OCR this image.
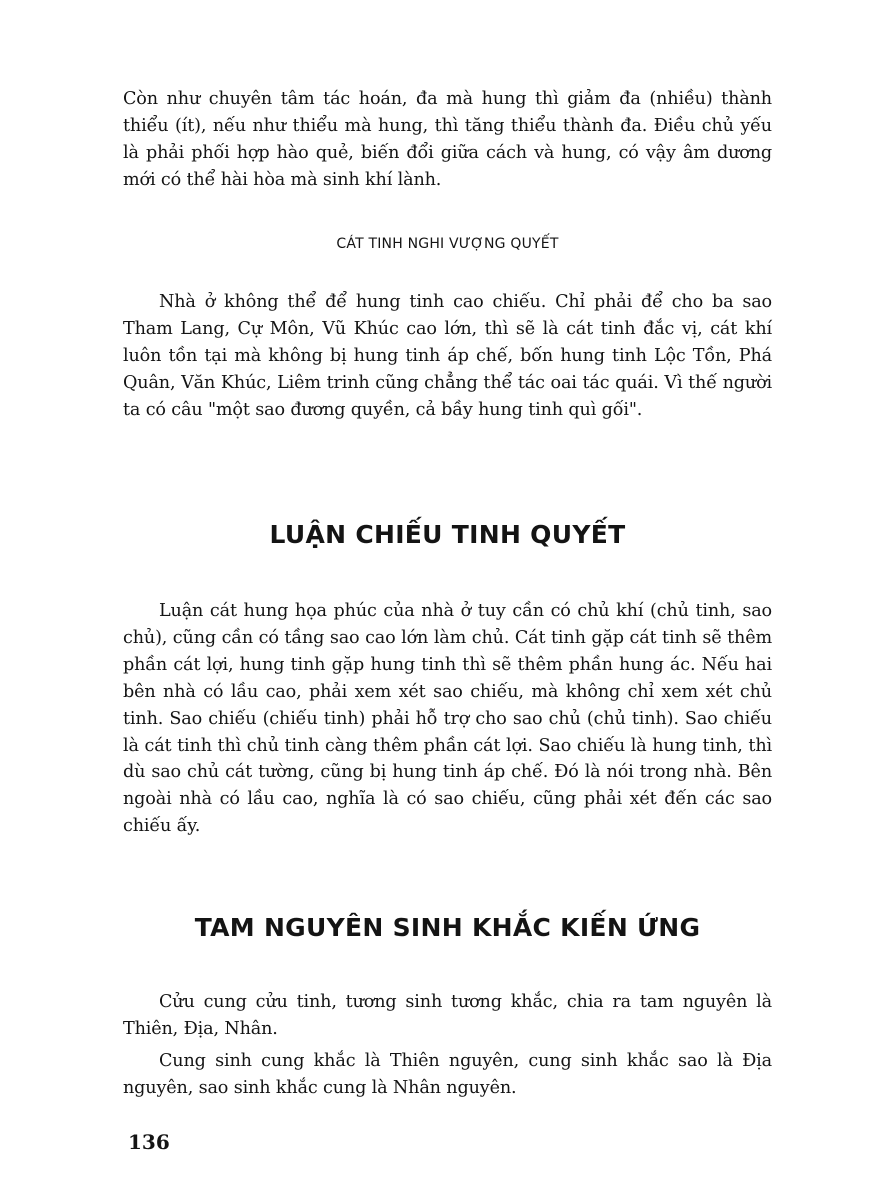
Còn như chuyên tâm tác hoán, đa mà hung thì giảm đa (nhiều) thành thiểu (ít), nếu như thiểu mà hung, thì tăng thiểu thành đa. Điều chủ yếu là phải phối hợp hào quẻ, biến đổi giữa cách và hung, có vậy âm dương mới có thể hài hòa mà sinh khí lành.

CÁT TINH NGHI VƯỢNG QUYẾT

Nhà ở không thể để hung tinh cao chiếu. Chỉ phải để cho ba sao Tham Lang, Cự Môn, Vũ Khúc cao lớn, thì sẽ là cát tinh đắc vị, cát khí luôn tồn tại mà không bị hung tinh áp chế, bốn hung tinh Lộc Tồn, Phá Quân, Văn Khúc, Liêm trinh cũng chẳng thể tác oai tác quái. Vì thế người ta có câu "một sao đương quyền, cả bầy hung tinh quì gối".

LUẬN CHIẾU TINH QUYẾT

Luận cát hung họa phúc của nhà ở tuy cần có chủ khí (chủ tinh, sao chủ), cũng cần có tầng sao cao lớn làm chủ. Cát tinh gặp cát tinh sẽ thêm phần cát lợi, hung tinh gặp hung tinh thì sẽ thêm phần hung ác. Nếu hai bên nhà có lầu cao, phải xem xét sao chiếu, mà không chỉ xem xét chủ tinh. Sao chiếu (chiếu tinh) phải hỗ trợ cho sao chủ (chủ tinh). Sao chiếu là cát tinh thì chủ tinh càng thêm phần cát lợi. Sao chiếu là hung tinh, thì dù sao chủ cát tường, cũng bị hung tinh áp chế. Đó là nói trong nhà. Bên ngoài nhà có lầu cao, nghĩa là có sao chiếu, cũng phải xét đến các sao chiếu ấy.

TAM NGUYÊN SINH KHẮC KIẾN ỨNG

Cửu cung cửu tinh, tương sinh tương khắc, chia ra tam nguyên là Thiên, Địa, Nhân.

Cung sinh cung khắc là Thiên nguyên, cung sinh khắc sao là Địa nguyên, sao sinh khắc cung là Nhân nguyên.

136
